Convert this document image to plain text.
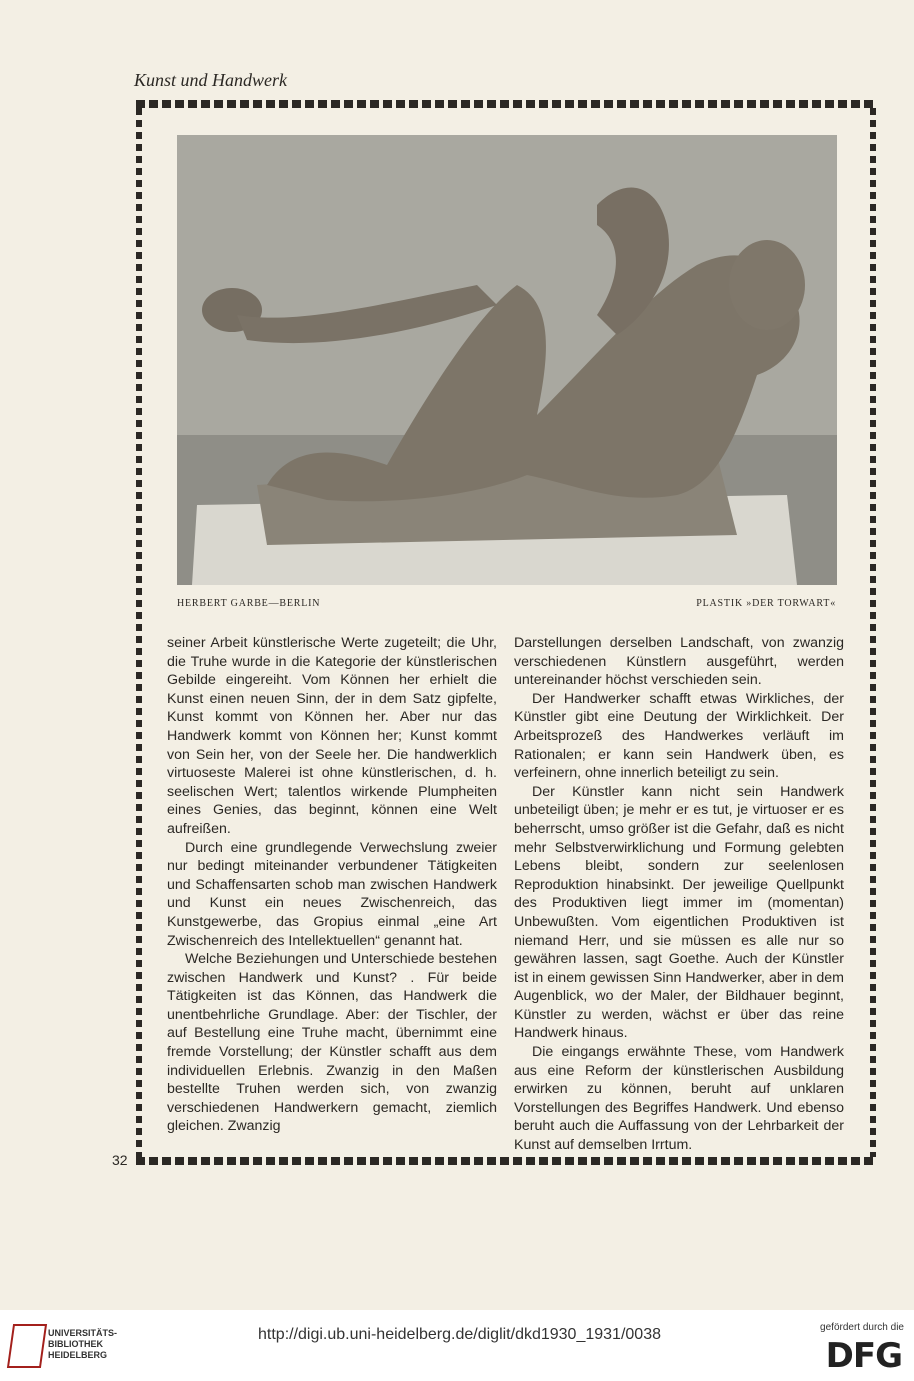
Kunst und Handwerk
HERBERT GARBE—BERLIN	PLASTIK »DER TORWART«

seiner Arbeit künstlerische Werte zugeteilt; die Uhr, die Truhe wurde in die Kategorie der künstlerischen Gebilde eingereiht. Vom Können her erhielt die Kunst einen neuen Sinn, der in dem Satz gipfelte, Kunst kommt von Können her. Aber nur das Handwerk kommt von Können her; Kunst kommt von Sein her, von der Seele her. Die handwerklich virtuoseste Malerei ist ohne künstlerischen, d. h. seelischen Wert; talentlos wirkende Plumpheiten eines Genies, das beginnt, können eine Welt aufreißen.

Durch eine grundlegende Verwechslung zweier nur bedingt miteinander verbundener Tätigkeiten und Schaffensarten schob man zwischen Handwerk und Kunst ein neues Zwischenreich, das Kunstgewerbe, das Gropius einmal „eine Art Zwischenreich des Intellektuellen“ genannt hat.

Welche Beziehungen und Unterschiede bestehen zwischen Handwerk und Kunst? . Für beide Tätigkeiten ist das Können, das Handwerk die unentbehrliche Grundlage. Aber: der Tischler, der auf Bestellung eine Truhe macht, übernimmt eine fremde Vorstellung; der Künstler schafft aus dem individuellen Erlebnis. Zwanzig in den Maßen bestellte Truhen werden sich, von zwanzig verschiedenen Handwerkern gemacht, ziemlich gleichen. Zwanzig

Darstellungen derselben Landschaft, von zwanzig verschiedenen Künstlern ausgeführt, werden untereinander höchst verschieden sein.

Der Handwerker schafft etwas Wirkliches, der Künstler gibt eine Deutung der Wirklichkeit. Der Arbeitsprozeß des Handwerkes verläuft im Rationalen; er kann sein Handwerk üben, es verfeinern, ohne innerlich beteiligt zu sein.

Der Künstler kann nicht sein Handwerk unbeteiligt üben; je mehr er es tut, je virtuoser er es beherrscht, umso größer ist die Gefahr, daß es nicht mehr Selbstverwirklichung und Formung gelebten Lebens bleibt, sondern zur seelenlosen Reproduktion hinabsinkt. Der jeweilige Quellpunkt des Produktiven liegt immer im (momentan) Unbewußten. Vom eigentlichen Produktiven ist niemand Herr, und sie müssen es alle nur so gewähren lassen, sagt Goethe. Auch der Künstler ist in einem gewissen Sinn Handwerker, aber in dem Augenblick, wo der Maler, der Bildhauer beginnt, Künstler zu werden, wächst er über das reine Handwerk hinaus.

Die eingangs erwähnte These, vom Handwerk aus eine Reform der künstlerischen Ausbildung erwirken zu können, beruht auf unklaren Vorstellungen des Begriffes Handwerk. Und ebenso beruht auch die Auffassung von der Lehrbarkeit der Kunst auf demselben Irrtum.

32
UNIVERSITÄTS-
BIBLIOTHEK
HEIDELBERG
http://digi.ub.uni-heidelberg.de/diglit/dkd1930_1931/0038	gefördert durch die
DFG
